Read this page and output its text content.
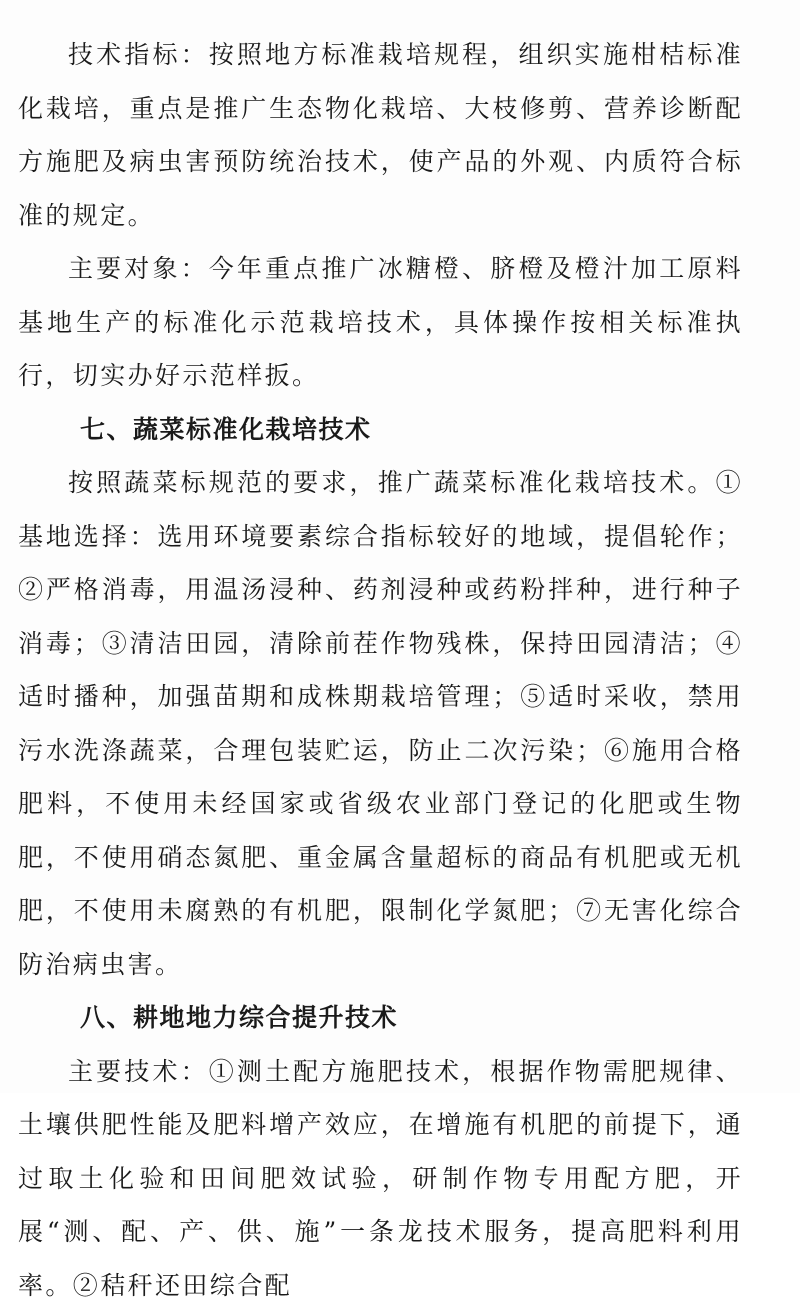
技术指标：按照地方标准栽培规程，组织实施柑桔标准化栽培，重点是推广生态物化栽培、大枝修剪、营养诊断配方施肥及病虫害预防统治技术，使产品的外观、内质符合标准的规定。

主要对象：今年重点推广冰糖橙、脐橙及橙汁加工原料基地生产的标准化示范栽培技术，具体操作按相关标准执行，切实办好示范样扳。

七、蔬菜标准化栽培技术

按照蔬菜标规范的要求，推广蔬菜标准化栽培技术。①基地选择：选用环境要素综合指标较好的地域，提倡轮作；②严格消毒，用温汤浸种、药剂浸种或药粉拌种，进行种子消毒；③清洁田园，清除前茬作物残株，保持田园清洁；④适时播种，加强苗期和成株期栽培管理；⑤适时采收，禁用污水洗涤蔬菜，合理包装贮运，防止二次污染；⑥施用合格肥料，不使用未经国家或省级农业部门登记的化肥或生物肥，不使用硝态氮肥、重金属含量超标的商品有机肥或无机肥，不使用未腐熟的有机肥，限制化学氮肥；⑦无害化综合防治病虫害。

八、耕地地力综合提升技术

主要技术：①测土配方施肥技术，根据作物需肥规律、土壤供肥性能及肥料增产效应，在增施有机肥的前提下，通过取土化验和田间肥效试验，研制作物专用配方肥，开展“测、配、产、供、施”一条龙技术服务，提高肥料利用率。②秸秆还田综合配
